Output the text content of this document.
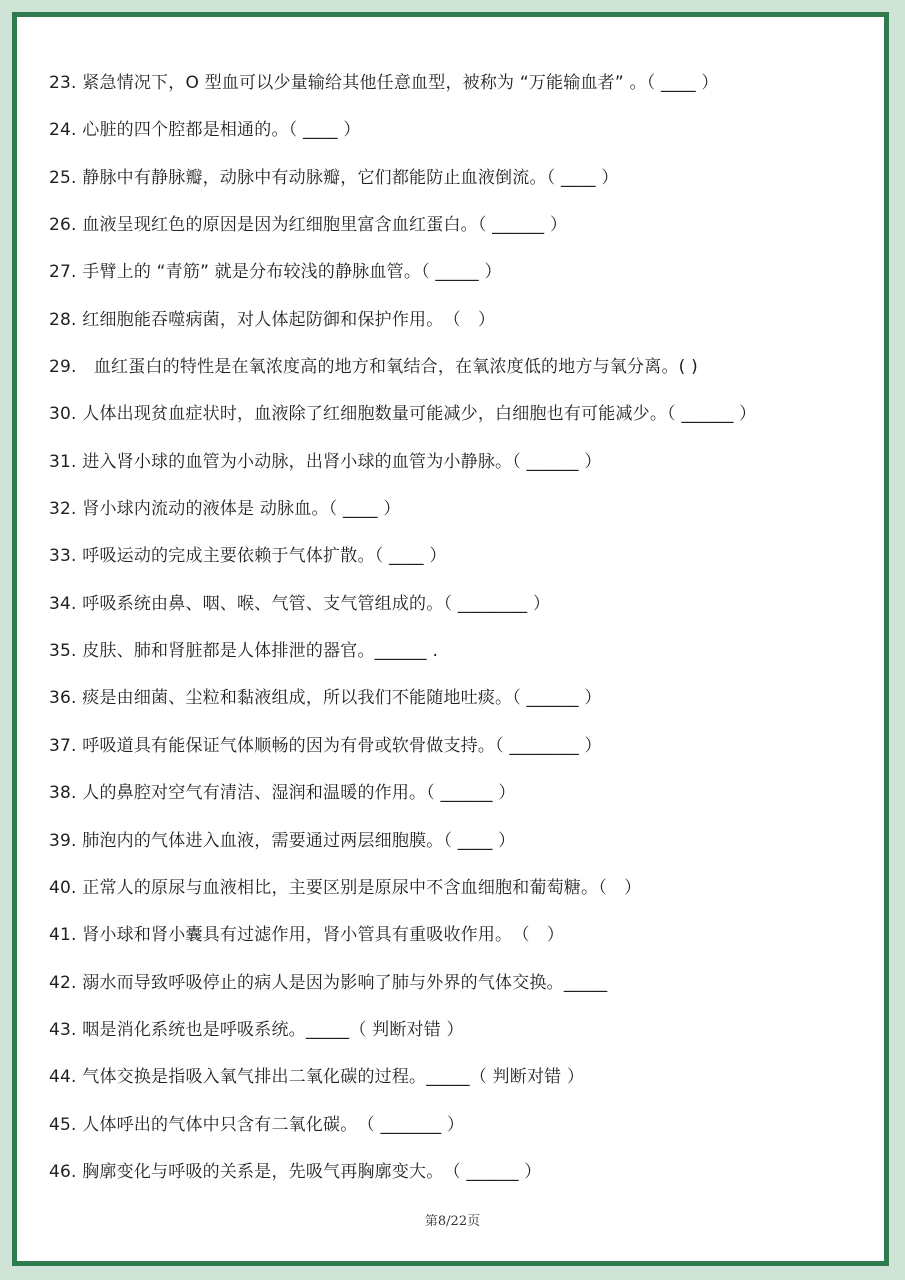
23. 紧急情况下，O 型血可以少量输给其他任意血型，被称为 “万能输血者” 。（ ____ ）
24. 心脏的四个腔都是相通的。（ ____ ）
25. 静脉中有静脉瓣，动脉中有动脉瓣，它们都能防止血液倒流。（ ____ ）
26. 血液呈现红色的原因是因为红细胞里富含血红蛋白。（ ______ ）
27. 手臂上的 “青筋” 就是分布较浅的静脉血管。（ _____ ）
28. 红细胞能吞噬病菌，对人体起防御和保护作用。　（　）
29.　血红蛋白的特性是在氧浓度高的地方和氧结合，在氧浓度低的地方与氧分离。( )
30. 人体出现贫血症状时，血液除了红细胞数量可能减少，白细胞也有可能减少。（ ______ ）
31. 进入肾小球的血管为小动脉，出肾小球的血管为小静脉。（ ______ ）
32. 肾小球内流动的液体是 动脉血。（ ____ ）
33. 呼吸运动的完成主要依赖于气体扩散。（ ____ ）
34. 呼吸系统由鼻、咽、喉、气管、支气管组成的。（ ________ ）
35. 皮肤、肺和肾脏都是人体排泄的器官。______ .
36. 痰是由细菌、尘粒和黏液组成，所以我们不能随地吐痰。（ ______ ）
37. 呼吸道具有能保证气体顺畅的因为有骨或软骨做支持。（ ________ ）
38. 人的鼻腔对空气有清洁、湿润和温暖的作用。（ ______ ）
39. 肺泡内的气体进入血液，需要通过两层细胞膜。（ ____ ）
40. 正常人的原尿与血液相比，主要区别是原尿中不含血细胞和葡萄糖。（　）
41. 肾小球和肾小囊具有过滤作用，肾小管具有重吸收作用。　（　）
42. 溺水而导致呼吸停止的病人是因为影响了肺与外界的气体交换。_____
43. 咽是消化系统也是呼吸系统。_____（ 判断对错 ）
44. 气体交换是指吸入氧气排出二氧化碳的过程。_____（ 判断对错 ）
45. 人体呼出的气体中只含有二氧化碳。　（ _______ ）
46. 胸廓变化与呼吸的关系是，先吸气再胸廓变大。　（ ______ ）
第8/22页
